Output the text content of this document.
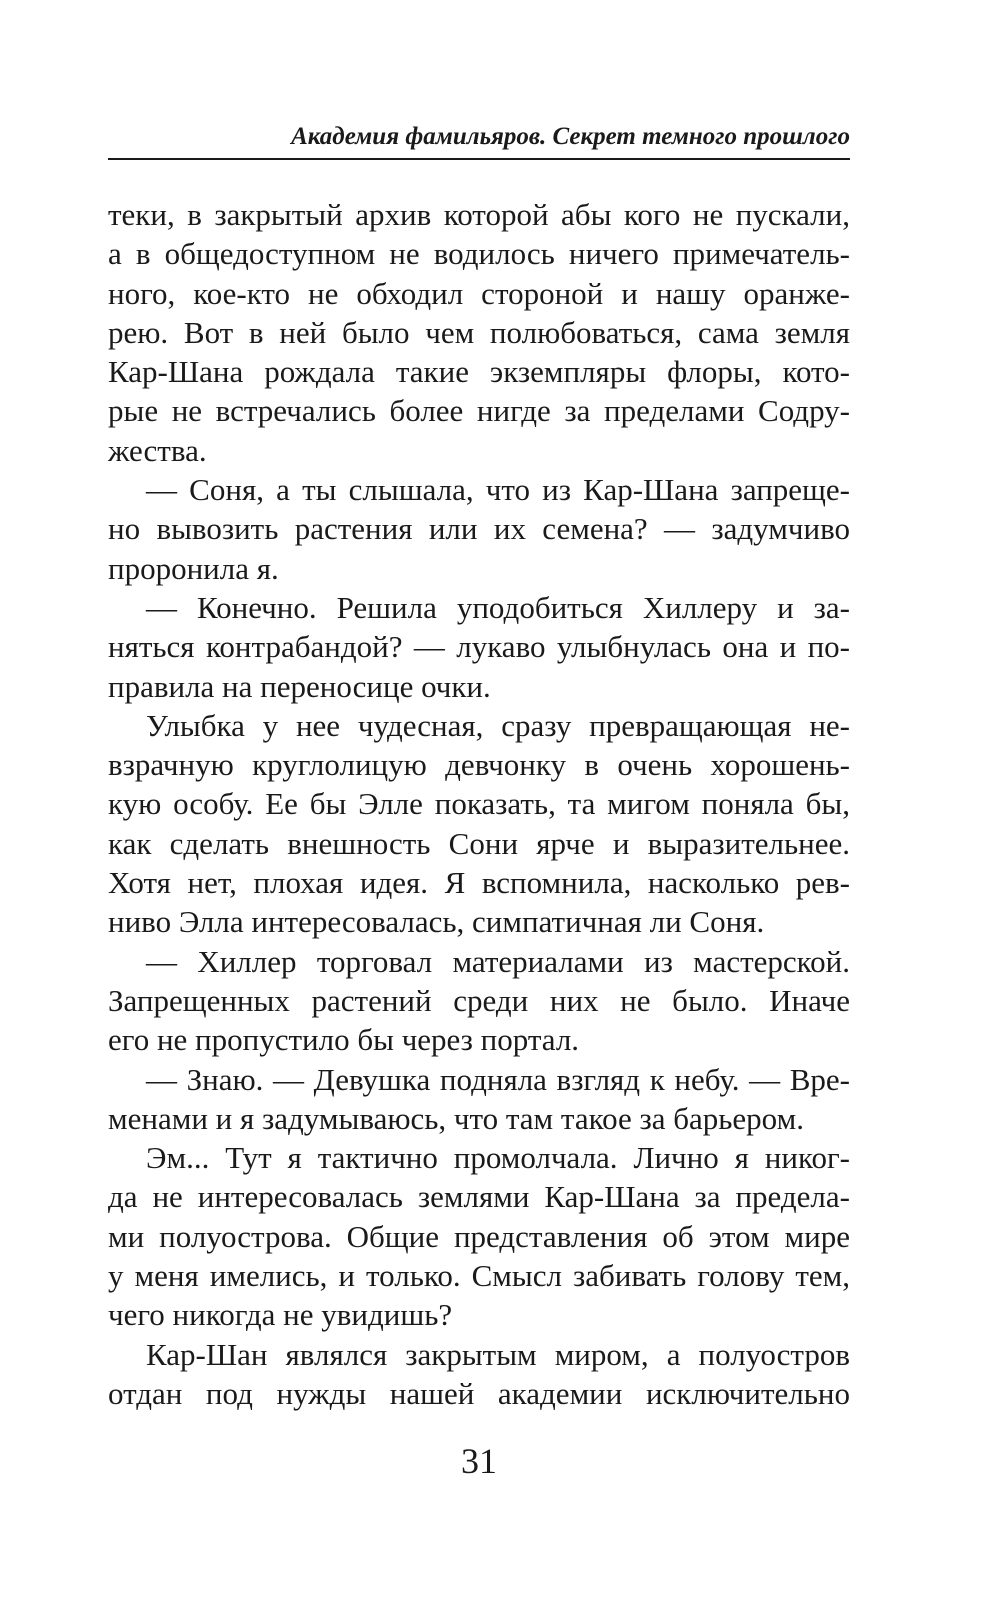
Академия фамильяров. Секрет темного прошлого
теки, в закрытый архив которой абы кого не пускали,
а в общедоступном не водилось ничего примечатель-
ного, кое-кто не обходил стороной и нашу оранже-
рею. Вот в ней было чем полюбоваться, сама земля
Кар-Шана рождала такие экземпляры флоры, кото-
рые не встречались более нигде за пределами Содру-
жества.
— Соня, а ты слышала, что из Кар-Шана запреще-
но вывозить растения или их семена? — задумчиво
проронила я.
— Конечно. Решила уподобиться Хиллеру и за-
няться контрабандой? — лукаво улыбнулась она и по-
правила на переносице очки.
Улыбка у нее чудесная, сразу превращающая не-
взрачную круглолицую девчонку в очень хорошень-
кую особу. Ее бы Элле показать, та мигом поняла бы,
как сделать внешность Сони ярче и выразительнее.
Хотя нет, плохая идея. Я вспомнила, насколько рев-
ниво Элла интересовалась, симпатичная ли Соня.
— Хиллер торговал материалами из мастерской.
Запрещенных растений среди них не было. Иначе
его не пропустило бы через портал.
— Знаю. — Девушка подняла взгляд к небу. — Вре-
менами и я задумываюсь, что там такое за барьером.
Эм... Тут я тактично промолчала. Лично я никог-
да не интересовалась землями Кар-Шана за предела-
ми полуострова. Общие представления об этом мире
у меня имелись, и только. Смысл забивать голову тем,
чего никогда не увидишь?
Кар-Шан являлся закрытым миром, а полуостров
отдан под нужды нашей академии исключительно
31
